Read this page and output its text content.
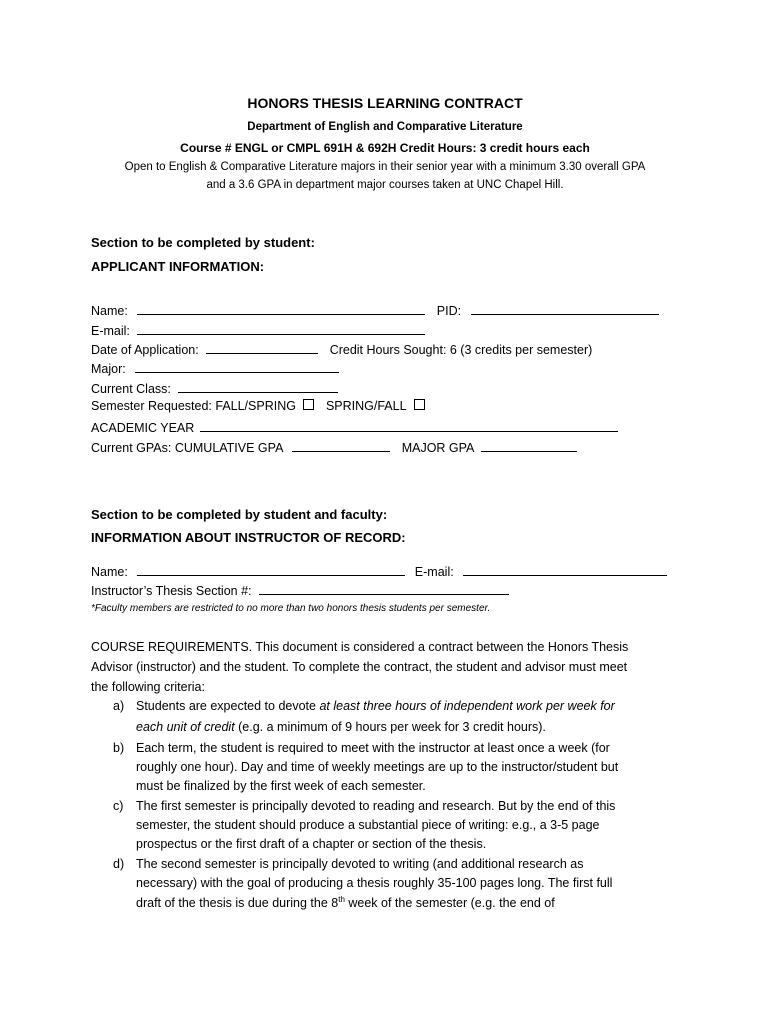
HONORS THESIS LEARNING CONTRACT
Department of English and Comparative Literature
Course # ENGL or CMPL 691H & 692H Credit Hours: 3 credit hours each
Open to English & Comparative Literature majors in their senior year with a minimum 3.30 overall GPA
and a 3.6 GPA in department major courses taken at UNC Chapel Hill.
Section to be completed by student:
APPLICANT INFORMATION:
Name:	PID:
E-mail:
Date of Application:	Credit Hours Sought: 6 (3 credits per semester)
Major:
Current Class:
Semester Requested: FALL/SPRING SPRING/FALL
ACADEMIC YEAR
Current GPAs: CUMULATIVE GPA	MAJOR GPA
Section to be completed by student and faculty:
INFORMATION ABOUT INSTRUCTOR OF RECORD:
Name:	E-mail:
Instructor’s Thesis Section #:
*Faculty members are restricted to no more than two honors thesis students per semester.
COURSE REQUIREMENTS. This document is considered a contract between the Honors Thesis
Advisor (instructor) and the student. To complete the contract, the student and advisor must meet
the following criteria:
a) Students are expected to devote at least three hours of independent work per week for
each unit of credit (e.g. a minimum of 9 hours per week for 3 credit hours).
b) Each term, the student is required to meet with the instructor at least once a week (for
roughly one hour). Day and time of weekly meetings are up to the instructor/student but
must be finalized by the first week of each semester.
c) The first semester is principally devoted to reading and research. But by the end of this
semester, the student should produce a substantial piece of writing: e.g., a 3-5 page
prospectus or the first draft of a chapter or section of the thesis.
d) The second semester is principally devoted to writing (and additional research as
necessary) with the goal of producing a thesis roughly 35-100 pages long. The first full
draft of the thesis is due during the 8th week of the semester (e.g. the end of
